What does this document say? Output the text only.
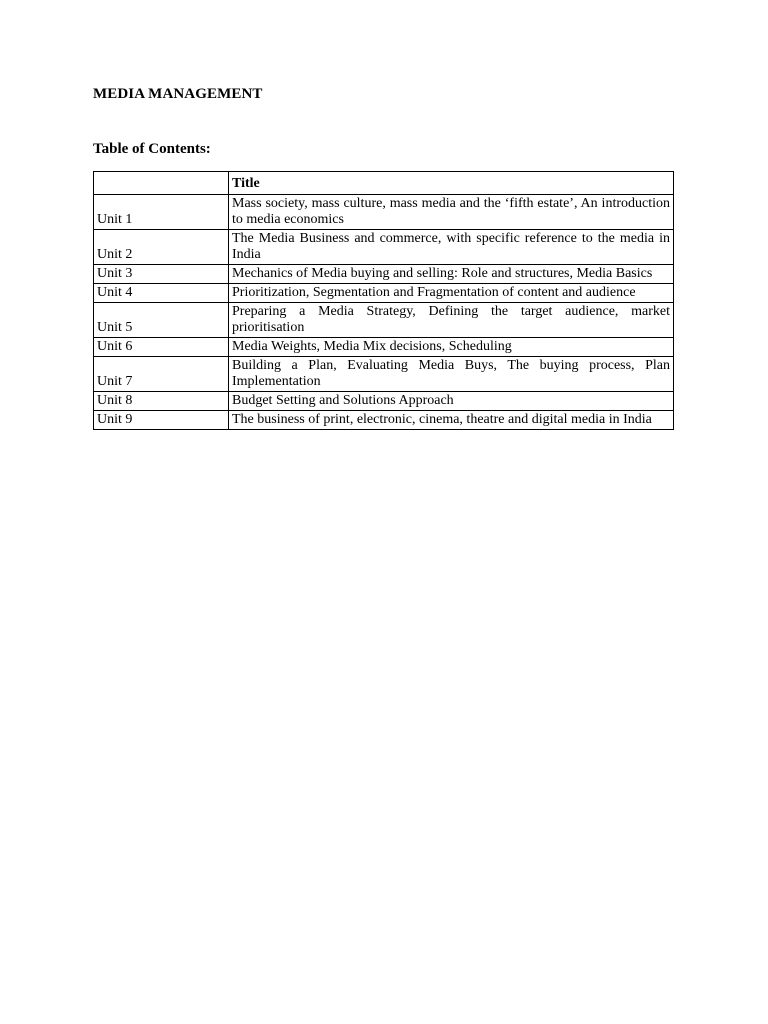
MEDIA MANAGEMENT
Table of Contents:
	Title
Unit 1	Mass society, mass culture, mass media and the ‘fifth estate’, An introduction to media economics
Unit 2	The Media Business and commerce, with specific reference to the media in India
Unit 3	Mechanics of Media buying and selling: Role and structures, Media Basics
Unit 4	Prioritization, Segmentation and Fragmentation of content and audience
Unit 5	Preparing a Media Strategy, Defining the target audience, market prioritisation
Unit 6	Media Weights, Media Mix decisions, Scheduling
Unit 7	Building a Plan, Evaluating Media Buys, The buying process, Plan Implementation
Unit 8	Budget Setting and Solutions Approach
Unit 9	The business of print, electronic, cinema, theatre and digital media in India
